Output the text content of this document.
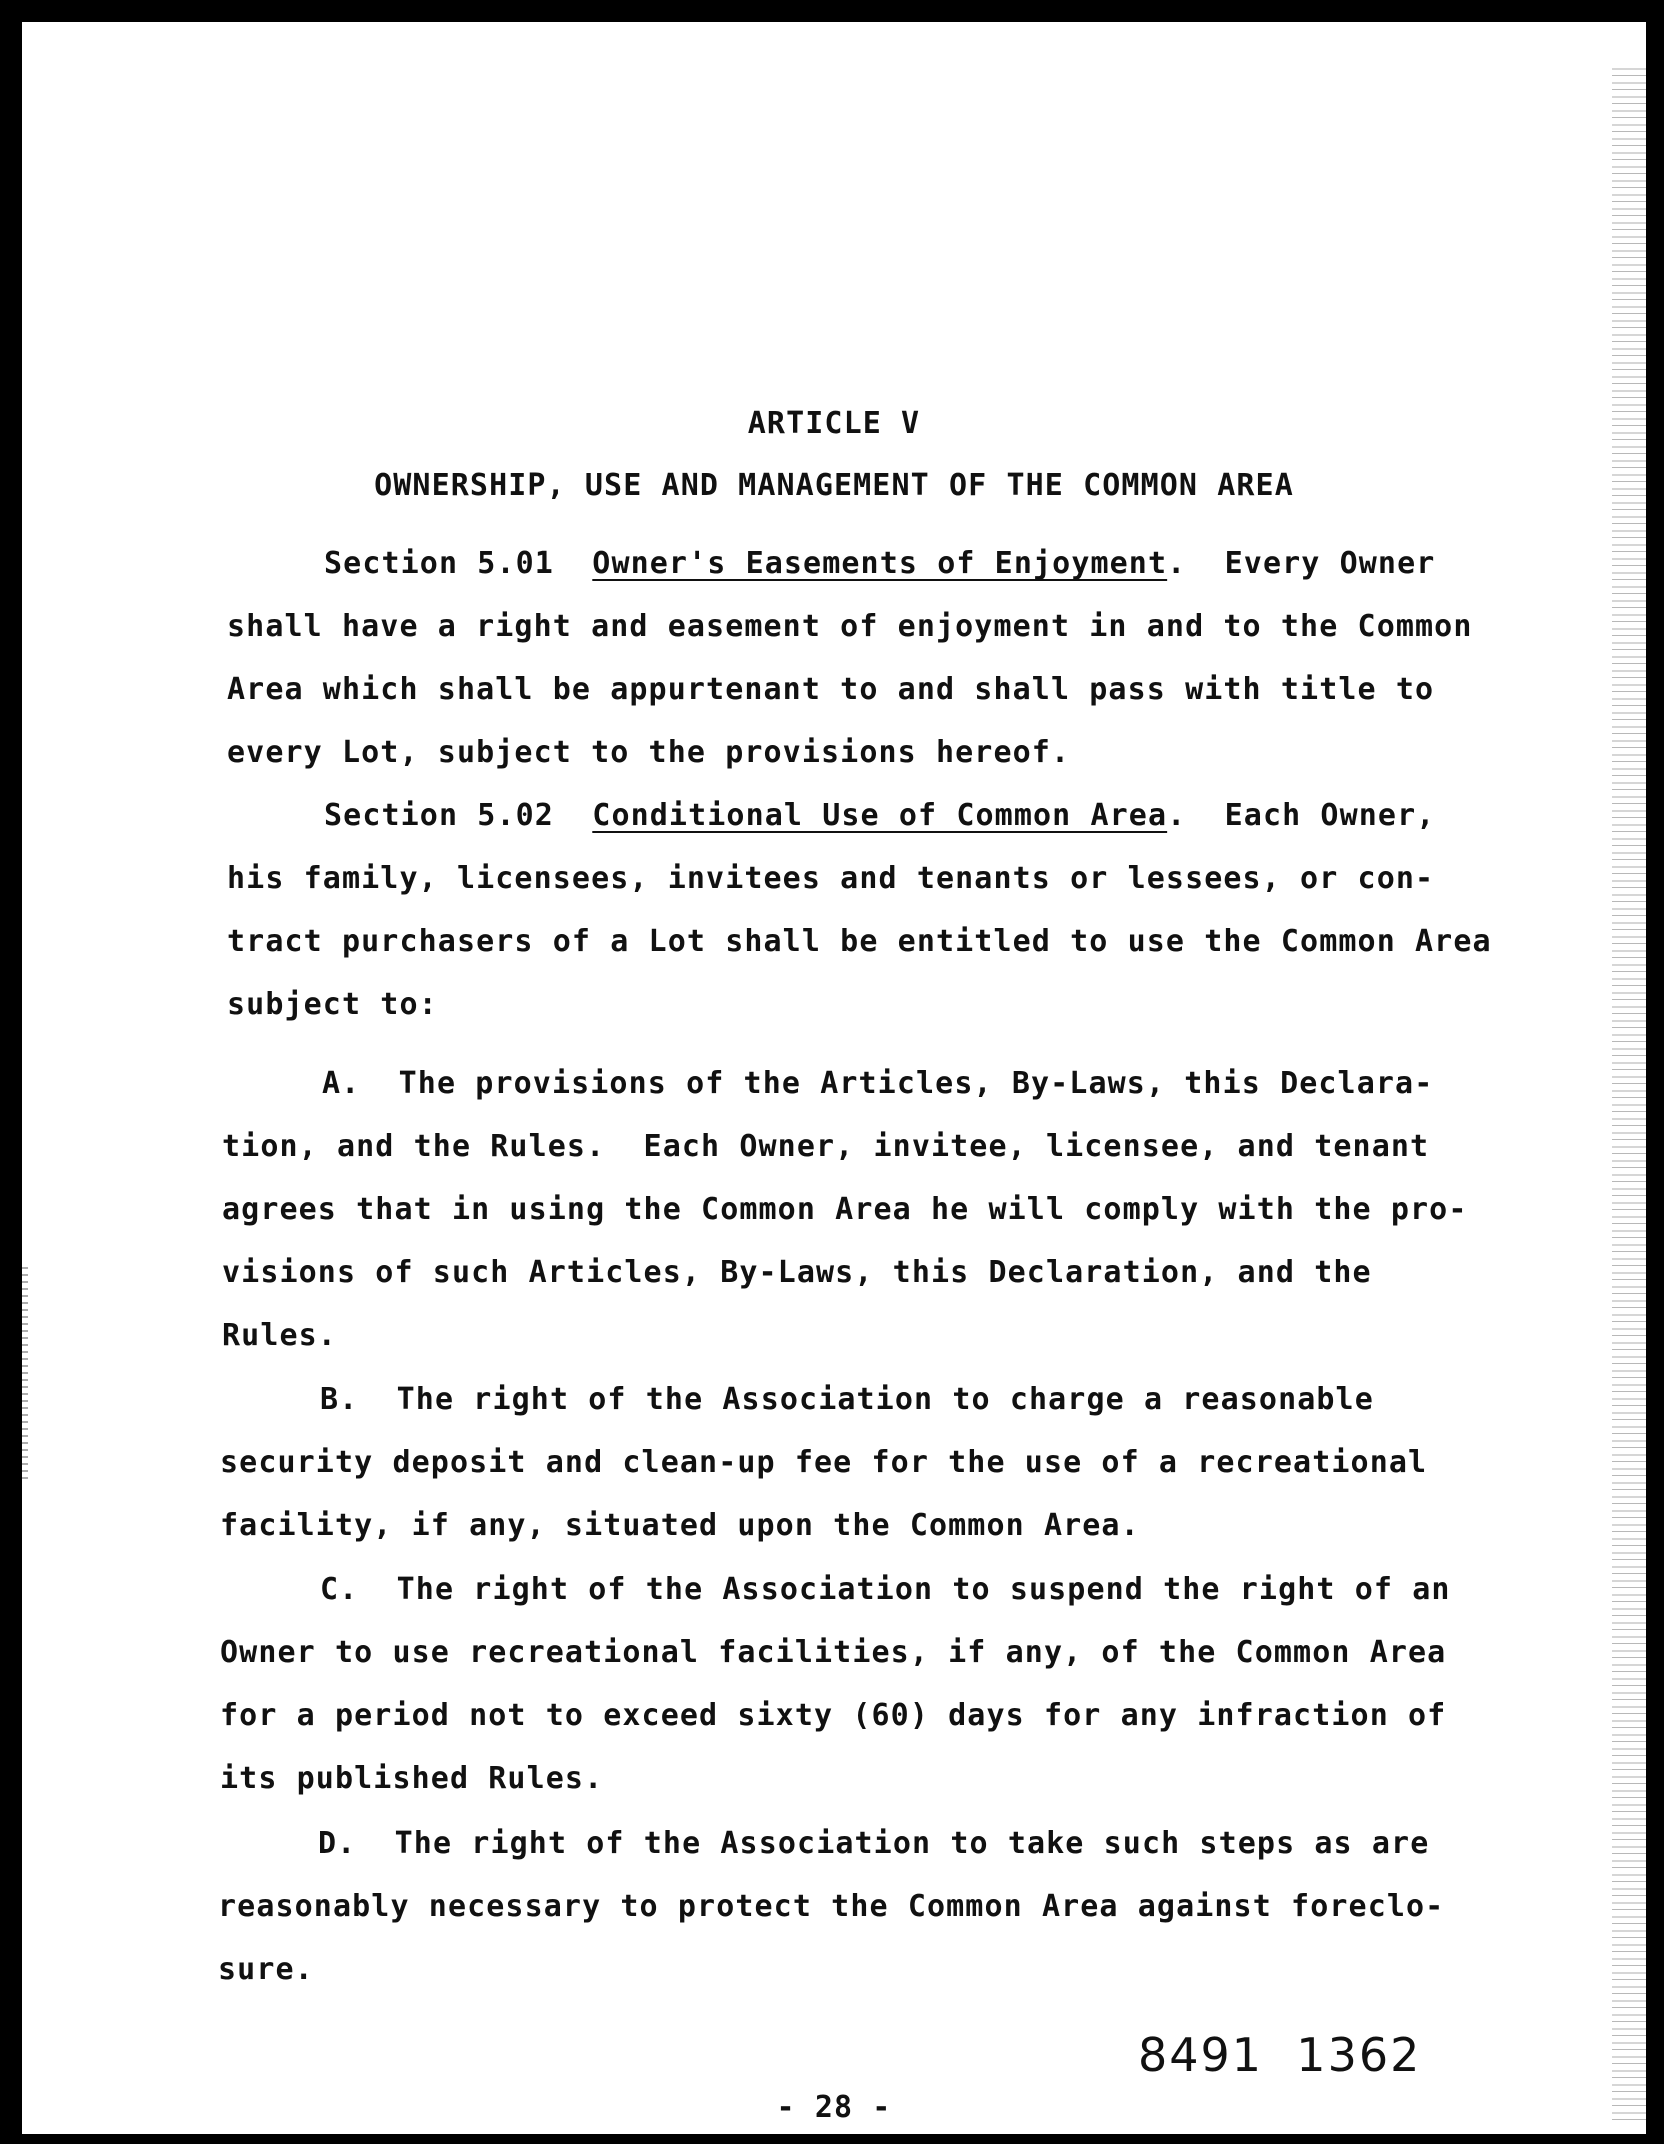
ARTICLE V
OWNERSHIP, USE AND MANAGEMENT OF THE COMMON AREA
Section 5.01 Owner's Easements of Enjoyment.  Every Owner
shall have a right and easement of enjoyment in and to the Common
Area which shall be appurtenant to and shall pass with title to
every Lot, subject to the provisions hereof.
Section 5.02 Conditional Use of Common Area.  Each Owner,
his family, licensees, invitees and tenants or lessees, or con-
tract purchasers of a Lot shall be entitled to use the Common Area
subject to:
A.  The provisions of the Articles, By-Laws, this Declara-
tion, and the Rules.  Each Owner, invitee, licensee, and tenant
agrees that in using the Common Area he will comply with the pro-
visions of such Articles, By-Laws, this Declaration, and the
Rules.
B.  The right of the Association to charge a reasonable
security deposit and clean-up fee for the use of a recreational
facility, if any, situated upon the Common Area.
C.  The right of the Association to suspend the right of an
Owner to use recreational facilities, if any, of the Common Area
for a period not to exceed sixty (60) days for any infraction of
its published Rules.
D.  The right of the Association to take such steps as are
reasonably necessary to protect the Common Area against foreclo-
sure.
8491  1362
- 28 -
